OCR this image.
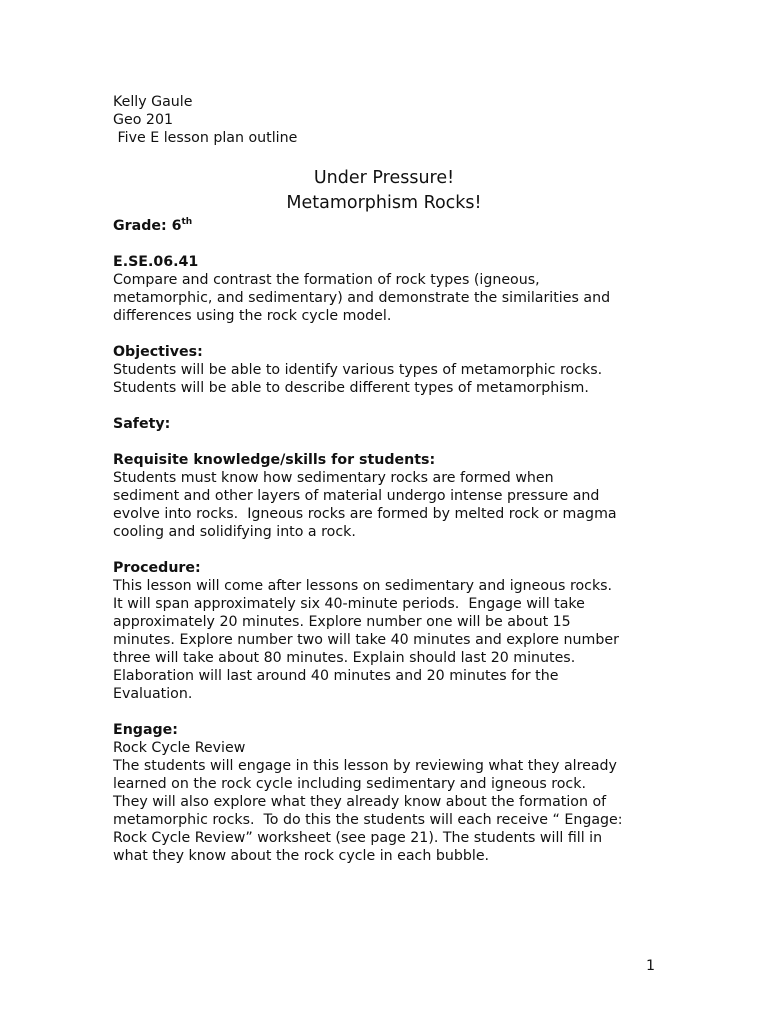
Kelly Gaule
Geo 201
Five E lesson plan outline
Under Pressure!
Metamorphism Rocks!
Grade: 6th
E.SE.06.41
Compare and contrast the formation of rock types (igneous,
metamorphic, and sedimentary) and demonstrate the similarities and
differences using the rock cycle model.
Objectives:
Students will be able to identify various types of metamorphic rocks.
Students will be able to describe different types of metamorphism.
Safety:
Requisite knowledge/skills for students:
Students must know how sedimentary rocks are formed when
sediment and other layers of material undergo intense pressure and
evolve into rocks.  Igneous rocks are formed by melted rock or magma
cooling and solidifying into a rock.
Procedure:
This lesson will come after lessons on sedimentary and igneous rocks.
It will span approximately six 40-minute periods.  Engage will take
approximately 20 minutes. Explore number one will be about 15
minutes. Explore number two will take 40 minutes and explore number
three will take about 80 minutes. Explain should last 20 minutes.
Elaboration will last around 40 minutes and 20 minutes for the
Evaluation.
Engage:
Rock Cycle Review
The students will engage in this lesson by reviewing what they already
learned on the rock cycle including sedimentary and igneous rock.
They will also explore what they already know about the formation of
metamorphic rocks.  To do this the students will each receive “ Engage:
Rock Cycle Review” worksheet (see page 21). The students will fill in
what they know about the rock cycle in each bubble.
1
